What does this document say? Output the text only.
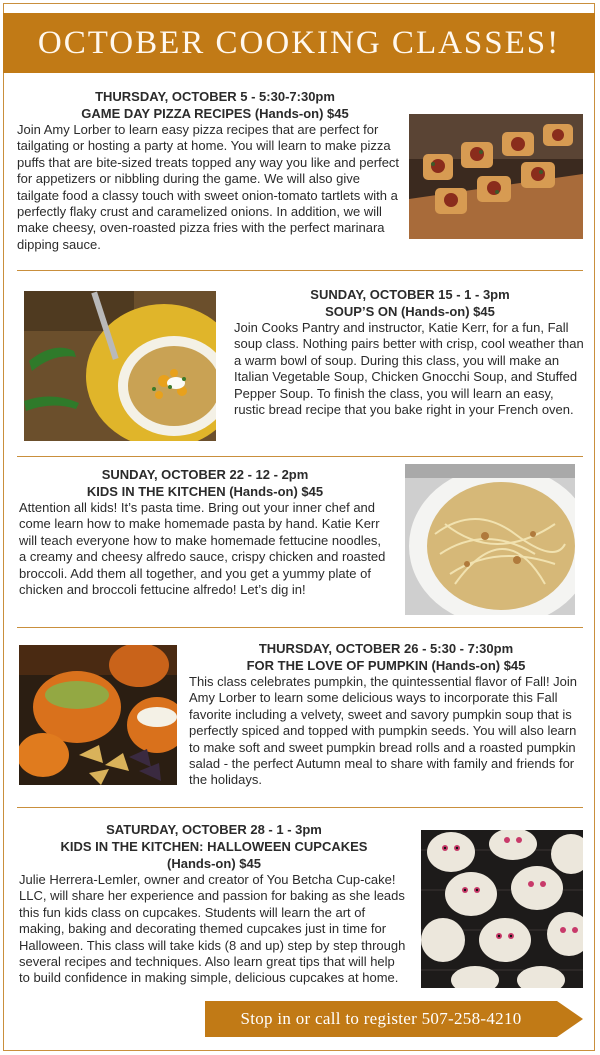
OCTOBER COOKING CLASSES!
THURSDAY, OCTOBER 5 - 5:30-7:30pm
GAME DAY PIZZA RECIPES (Hands-on) $45
Join Amy Lorber to learn easy pizza recipes that are perfect for tailgating or hosting a party at home. You will learn to make pizza puffs that are bite-sized treats topped any way you like and perfect for appetizers or nibbling during the game. We will also give tailgate food a classy touch with sweet onion-tomato tartlets with a perfectly flaky crust and caramelized onions. In addition, we will make cheesy, oven-roasted pizza fries with the perfect marinara dipping sauce.
SUNDAY, OCTOBER 15 - 1 - 3pm
SOUP’S ON (Hands-on) $45
Join Cooks Pantry and instructor, Katie Kerr, for a fun, Fall soup class. Nothing pairs better with crisp, cool weather than a warm bowl of soup. During this class, you will make an Italian Vegetable Soup, Chicken Gnocchi Soup, and Stuffed Pepper Soup. To finish the class, you will learn an easy, rustic bread recipe that you bake right in your French oven.
SUNDAY, OCTOBER 22 - 12 - 2pm
KIDS IN THE KITCHEN (Hands-on) $45
Attention all kids! It’s pasta time. Bring out your inner chef and come learn how to make homemade pasta by hand. Katie Kerr will teach everyone how to make homemade fettucine noodles, a creamy and cheesy alfredo sauce, crispy chicken and roasted broccoli. Add them all together, and you get a yummy plate of chicken and broccoli fettucine alfredo! Let’s dig in!
THURSDAY, OCTOBER 26 - 5:30 - 7:30pm
FOR THE LOVE OF PUMPKIN (Hands-on) $45
This class celebrates pumpkin, the quintessential flavor of Fall! Join Amy Lorber to learn some delicious ways to incorporate this Fall favorite including a velvety, sweet and savory pumpkin soup that is perfectly spiced and topped with pumpkin seeds. You will also learn to make soft and sweet pumpkin bread rolls and a roasted pumpkin salad - the perfect Autumn meal to share with family and friends for the holidays.
SATURDAY, OCTOBER 28 - 1 - 3pm
KIDS IN THE KITCHEN: HALLOWEEN CUPCAKES
(Hands-on) $45
Julie Herrera-Lemler, owner and creator of You Betcha Cup-cake! LLC, will share her experience and passion for baking as she leads this fun kids class on cupcakes. Students will learn the art of making, baking and decorating themed cupcakes just in time for Halloween. This class will take kids (8 and up) step by step through several recipes and techniques. Also learn great tips that will help to build confidence in making simple, delicious cupcakes at home.
Stop in or call to register 507-258-4210
